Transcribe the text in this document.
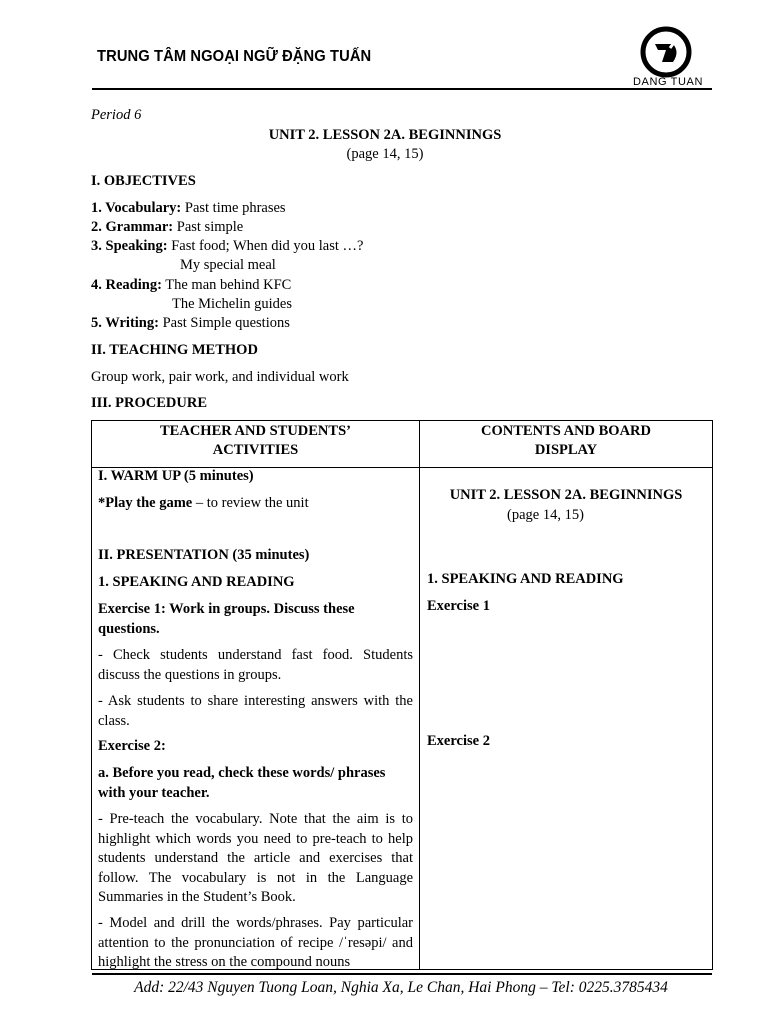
TRUNG TÂM NGOẠI NGỮ ĐẶNG TUẤN
DANG TUAN
Period 6
UNIT 2. LESSON 2A. BEGINNINGS
(page 14, 15)
I. OBJECTIVES
1. Vocabulary: Past time phrases
2. Grammar: Past simple
3. Speaking: Fast food; When did you last …?
My special meal
4. Reading: The man behind KFC
The Michelin guides
5. Writing: Past Simple questions
II. TEACHING METHOD
Group work, pair work, and individual work
III. PROCEDURE
TEACHER AND STUDENTS’
ACTIVITIES
CONTENTS AND BOARD
DISPLAY
I. WARM UP (5 minutes)
*Play the game – to review the unit
II. PRESENTATION (35 minutes)
1. SPEAKING AND READING
Exercise 1: Work in groups. Discuss these questions.
- Check students understand fast food. Students discuss the questions in groups.
- Ask students to share interesting answers with the class.
Exercise 2:
a. Before you read, check these words/ phrases with your teacher.
- Pre-teach the vocabulary. Note that the aim is to highlight which words you need to pre-teach to help students understand the article and exercises that follow. The vocabulary is not in the Language Summaries in the Student’s Book.
- Model and drill the words/phrases. Pay particular attention to the pronunciation of recipe /ˈresəpi/ and highlight the stress on the compound nouns
UNIT 2. LESSON 2A. BEGINNINGS
(page 14, 15)
1. SPEAKING AND READING
Exercise 1
Exercise 2
Add: 22/43 Nguyen Tuong Loan, Nghia Xa, Le Chan, Hai Phong – Tel: 0225.3785434
